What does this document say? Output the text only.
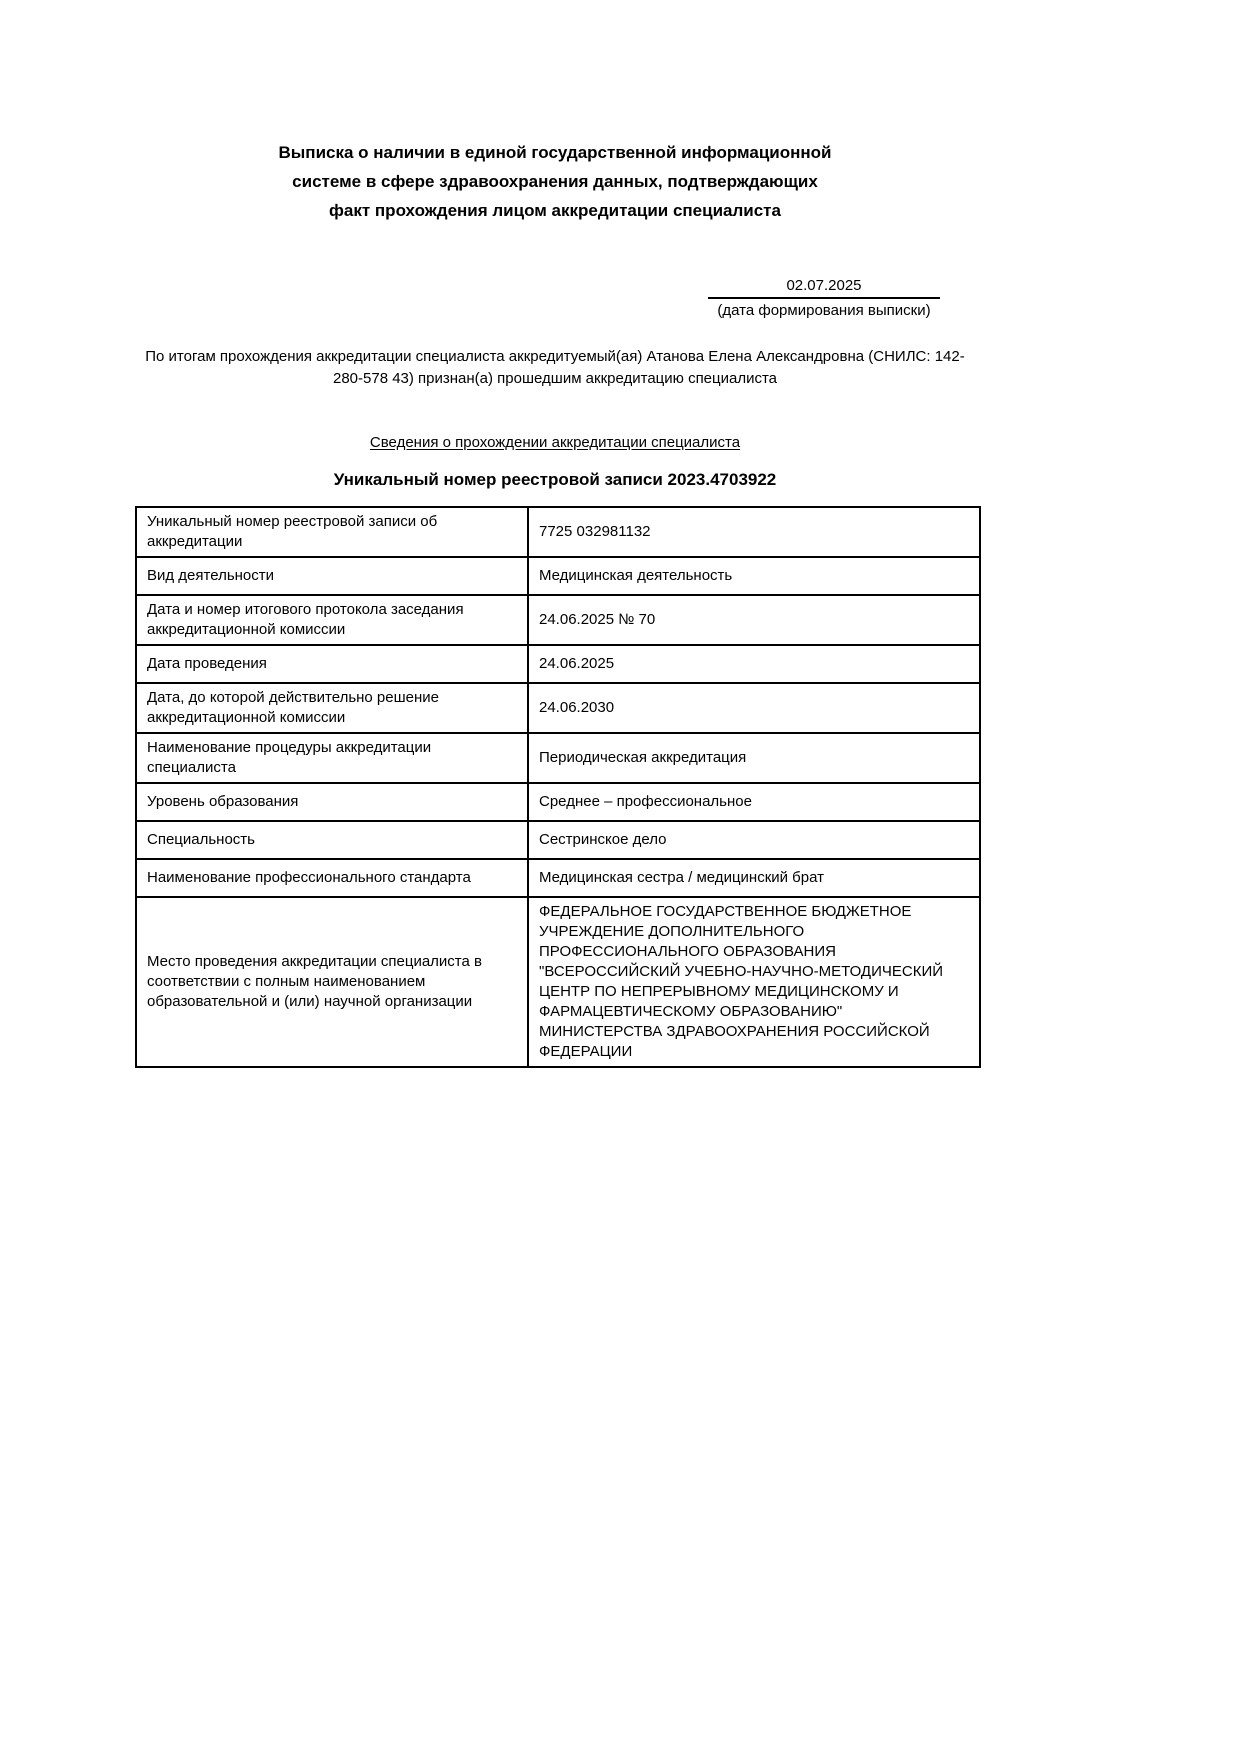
Выписка о наличии в единой государственной информационной системе в сфере здравоохранения данных, подтверждающих факт прохождения лицом аккредитации специалиста
02.07.2025
(дата формирования выписки)
По итогам прохождения аккредитации специалиста аккредитуемый(ая) Атанова Елена Александровна (СНИЛС: 142-280-578 43) признан(а) прошедшим аккредитацию специалиста
Сведения о прохождении аккредитации специалиста
Уникальный номер реестровой записи 2023.4703922
Уникальный номер реестровой записи об аккредитации	7725 032981132
Вид деятельности	Медицинская деятельность
Дата и номер итогового протокола заседания аккредитационной комиссии	24.06.2025 № 70
Дата проведения	24.06.2025
Дата, до которой действительно решение аккредитационной комиссии	24.06.2030
Наименование процедуры аккредитации специалиста	Периодическая аккредитация
Уровень образования	Среднее – профессиональное
Специальность	Сестринское дело
Наименование профессионального стандарта	Медицинская сестра / медицинский брат
Место проведения аккредитации специалиста в соответствии с полным наименованием образовательной и (или) научной организации	ФЕДЕРАЛЬНОЕ ГОСУДАРСТВЕННОЕ БЮДЖЕТНОЕ УЧРЕЖДЕНИЕ ДОПОЛНИТЕЛЬНОГО ПРОФЕССИОНАЛЬНОГО ОБРАЗОВАНИЯ "ВСЕРОССИЙСКИЙ УЧЕБНО-НАУЧНО-МЕТОДИЧЕСКИЙ ЦЕНТР ПО НЕПРЕРЫВНОМУ МЕДИЦИНСКОМУ И ФАРМАЦЕВТИЧЕСКОМУ ОБРАЗОВАНИЮ" МИНИСТЕРСТВА ЗДРАВООХРАНЕНИЯ РОССИЙСКОЙ ФЕДЕРАЦИИ
